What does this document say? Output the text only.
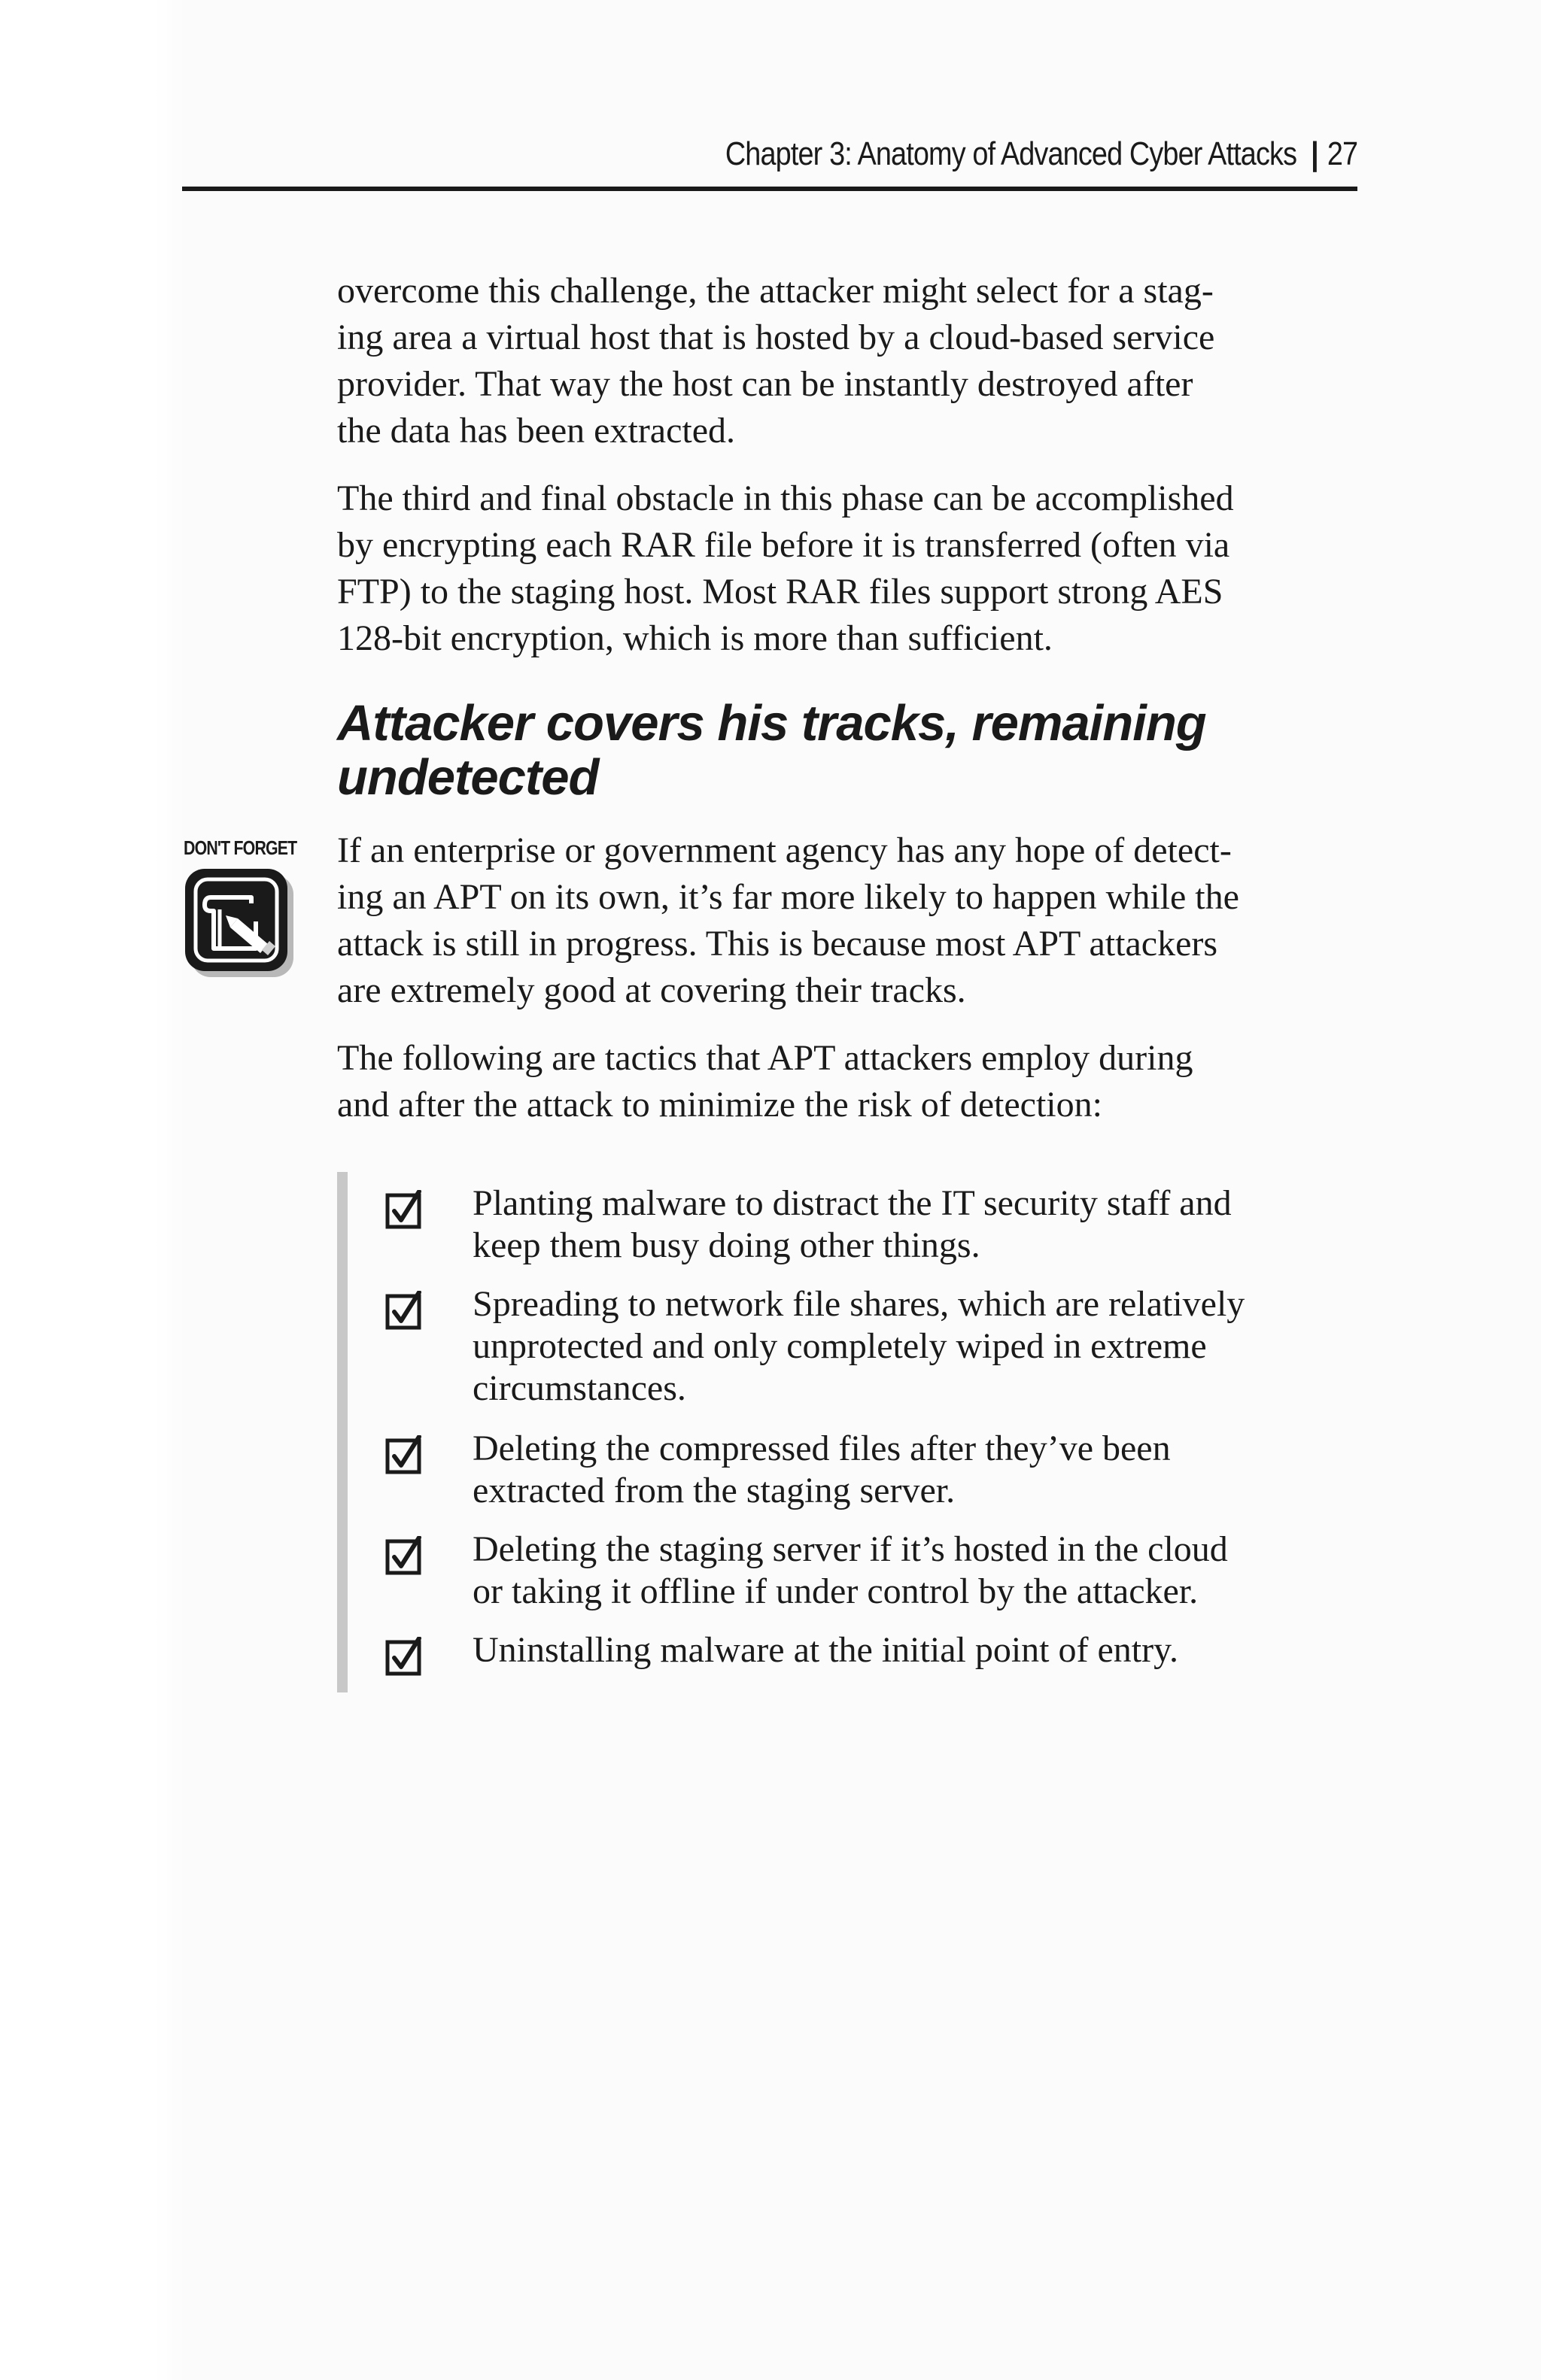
Chapter 3: Anatomy of Advanced Cyber Attacks | 27

overcome this challenge, the attacker might select for a stag-
ing area a virtual host that is hosted by a cloud-based service
provider. That way the host can be instantly destroyed after
the data has been extracted.

The third and final obstacle in this phase can be accomplished
by encrypting each RAR file before it is transferred (often via
FTP) to the staging host. Most RAR files support strong AES
128-bit encryption, which is more than sufficient.

Attacker covers his tracks, remaining
undetected

If an enterprise or government agency has any hope of detect-
ing an APT on its own, it’s far more likely to happen while the
attack is still in progress. This is because most APT attackers
are extremely good at covering their tracks.

The following are tactics that APT attackers employ during
and after the attack to minimize the risk of detection:

DON'T FORGET
Planting malware to distract the IT security staff and
keep them busy doing other things.
Spreading to network file shares, which are relatively
unprotected and only completely wiped in extreme
circumstances.
Deleting the compressed files after they’ve been
extracted from the staging server.
Deleting the staging server if it’s hosted in the cloud
or taking it offline if under control by the attacker.
Uninstalling malware at the initial point of entry.
